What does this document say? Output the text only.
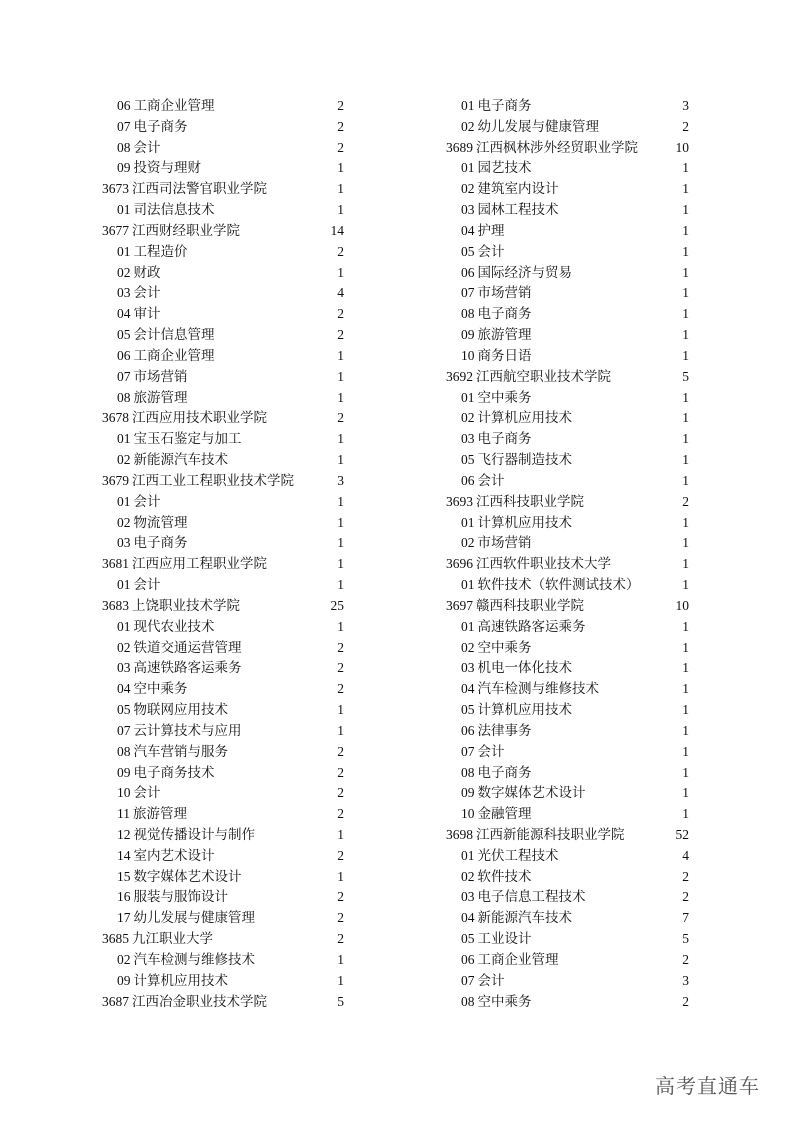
06 工商企业管理	2
07 电子商务	2
08 会计	2
09 投资与理财	1
3673 江西司法警官职业学院	1
01 司法信息技术	1
3677 江西财经职业学院	14
01 工程造价	2
02 财政	1
03 会计	4
04 审计	2
05 会计信息管理	2
06 工商企业管理	1
07 市场营销	1
08 旅游管理	1
3678 江西应用技术职业学院	2
01 宝玉石鉴定与加工	1
02 新能源汽车技术	1
3679 江西工业工程职业技术学院	3
01 会计	1
02 物流管理	1
03 电子商务	1
3681 江西应用工程职业学院	1
01 会计	1
3683 上饶职业技术学院	25
01 现代农业技术	1
02 铁道交通运营管理	2
03 高速铁路客运乘务	2
04 空中乘务	2
05 物联网应用技术	1
07 云计算技术与应用	1
08 汽车营销与服务	2
09 电子商务技术	2
10 会计	2
11 旅游管理	2
12 视觉传播设计与制作	1
14 室内艺术设计	2
15 数字媒体艺术设计	1
16 服装与服饰设计	2
17 幼儿发展与健康管理	2
3685 九江职业大学	2
02 汽车检测与维修技术	1
09 计算机应用技术	1
3687 江西冶金职业技术学院	5
01 电子商务	3
02 幼儿发展与健康管理	2
3689 江西枫林涉外经贸职业学院	10
01 园艺技术	1
02 建筑室内设计	1
03 园林工程技术	1
04 护理	1
05 会计	1
06 国际经济与贸易	1
07 市场营销	1
08 电子商务	1
09 旅游管理	1
10 商务日语	1
3692 江西航空职业技术学院	5
01 空中乘务	1
02 计算机应用技术	1
03 电子商务	1
05 飞行器制造技术	1
06 会计	1
3693 江西科技职业学院	2
01 计算机应用技术	1
02 市场营销	1
3696 江西软件职业技术大学	1
01 软件技术（软件测试技术）	1
3697 赣西科技职业学院	10
01 高速铁路客运乘务	1
02 空中乘务	1
03 机电一体化技术	1
04 汽车检测与维修技术	1
05 计算机应用技术	1
06 法律事务	1
07 会计	1
08 电子商务	1
09 数字媒体艺术设计	1
10 金融管理	1
3698 江西新能源科技职业学院	52
01 光伏工程技术	4
02 软件技术	2
03 电子信息工程技术	2
04 新能源汽车技术	7
05 工业设计	5
06 工商企业管理	2
07 会计	3
08 空中乘务	2
高考直通车
